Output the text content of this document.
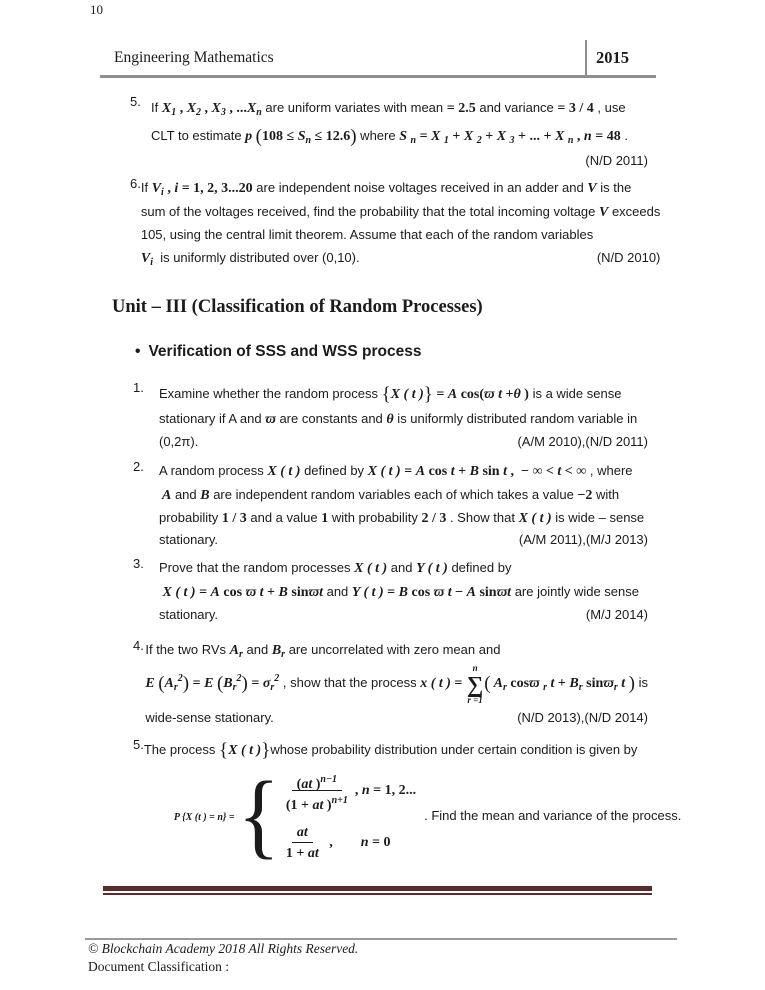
10
Engineering Mathematics	2015
5. If X1 , X2 , X3 , ...Xn are uniform variates with mean = 2.5 and variance = 3 / 4 , use
CLT to estimate p (108 ≤ Sn ≤ 12.6) where S n = X 1 + X 2 + X 3 + ... + X n , n = 48 .
(N/D 2011)
6. If Vi , i = 1, 2, 3...20 are independent noise voltages received in an adder and V is the
sum of the voltages received, find the probability that the total incoming voltage V exceeds
105, using the central limit theorem. Assume that each of the random variables
Vi  is uniformly distributed over (0,10).	(N/D 2010)
Unit – III (Classification of Random Processes)
• Verification of SSS and WSS process
1.	Examine whether the random process {X ( t )} = A cos(ϖ t +θ ) is a wide sense
stationary if A and ϖ are constants and θ is uniformly distributed random variable in
(0,2π).	(A/M 2010),(N/D 2011)
2.	A random process X ( t ) defined by X ( t ) = A cos t + B sin t ,  − ∞ < t < ∞ , where
A and B are independent random variables each of which takes a value −2 with
probability 1 / 3 and a value 1 with probability 2 / 3 . Show that X ( t ) is wide – sense
stationary.	(A/M 2011),(M/J 2013)
3.	Prove that the random processes X ( t ) and Y ( t ) defined by
X ( t ) = A cos ϖ t + B sinϖt and Y ( t ) = B cos ϖ t − A sinϖt are jointly wide sense
stationary.	(M/J 2014)
4. If the two RVs Ar and Br are uncorrelated with zero mean and
E $(Ar^2) = E$ $(Br^2) = \sigma r^2$ , show that the process x ( t ) =
n
∑
r =1
( Ar cosϖ r t + Br sinϖr t ) is
wide-sense stationary.	(N/D 2013),(N/D 2014)
5. The process {X ( t )}whose probability distribution under certain condition is given by
P {X (t ) = n} = { $\frac{(at )^{n-1}}{(1 + at )^{n+1}}$ , n = 1, 2...
$\frac{at}{1 + at}$ ,        n = 0
. Find the mean and variance of the process.
© Blockchain Academy 2018 All Rights Reserved.
Document Classification :
